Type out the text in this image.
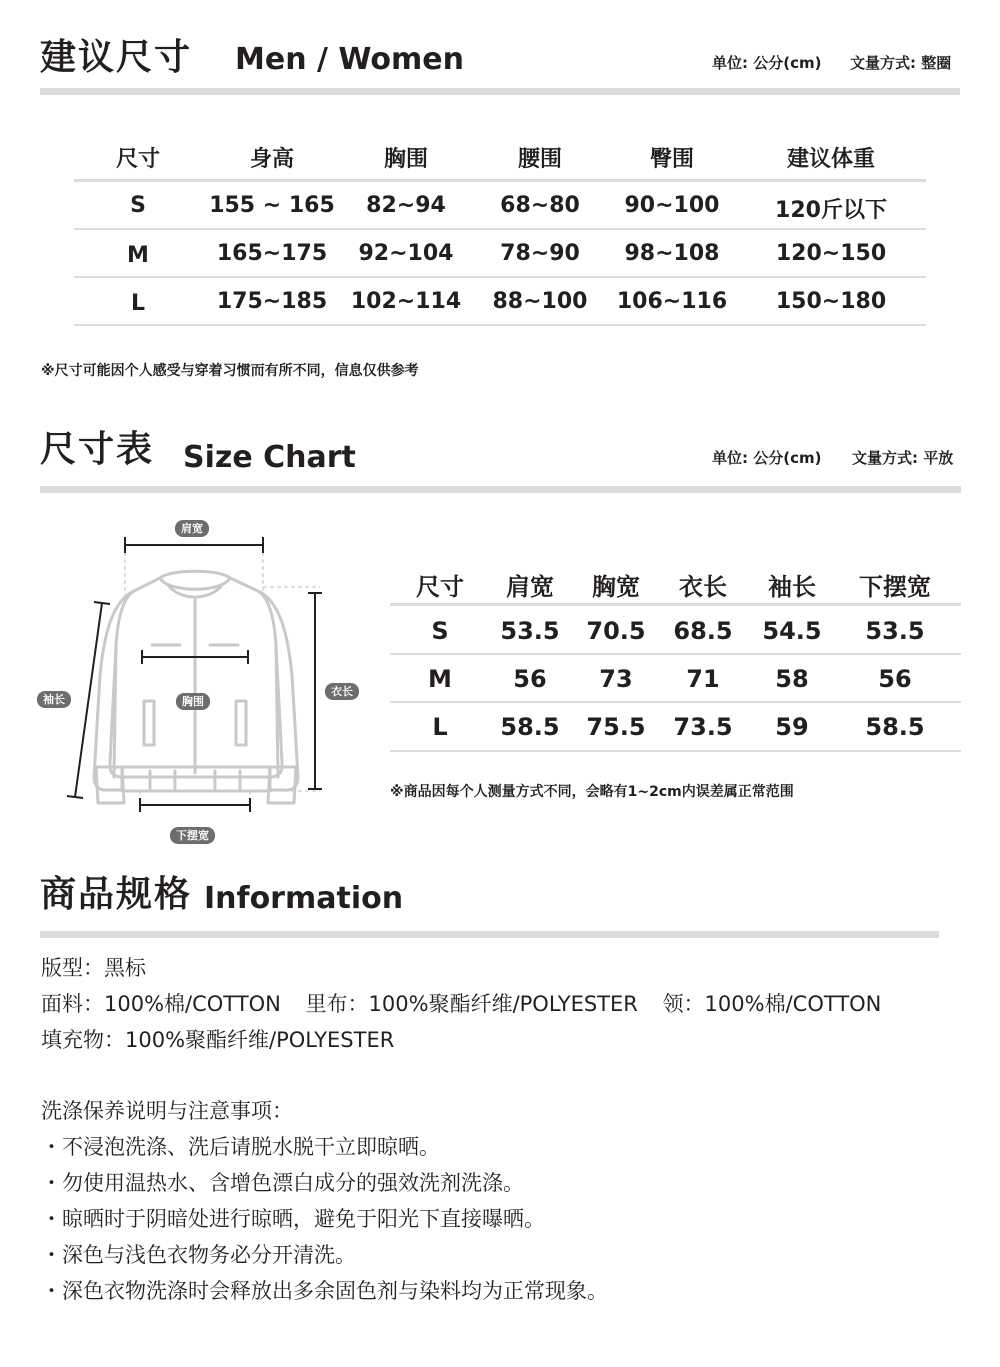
建议尺寸 Men / Women	单位: 公分(cm) 文量方式: 整圈
尺寸	身高	胸围	腰围	臀围	建议体重
S	155 ~ 165	82~94	68~80	90~100	120斤以下
M	165~175	92~104	78~90	98~108	120~150
L	175~185	102~114	88~100	106~116	150~180
※尺寸可能因个人感受与穿着习惯而有所不同，信息仅供参考
尺寸表 Size Chart	单位: 公分(cm) 文量方式: 平放
肩宽
袖长	胸围
衣长
下摆宽
尺寸	肩宽	胸宽	衣长	袖长	下摆宽
S	53.5	70.5	68.5	54.5	53.5
M	56	73	71	58	56
L	58.5	75.5	73.5	59	58.5
※商品因每个人测量方式不同，会略有1~2cm内误差属正常范围
商品规格 Information
版型：黑标
面料：100%棉/COTTON 里布：100%聚酯纤维/POLYESTER 领：100%棉/COTTON
填充物：100%聚酯纤维/POLYESTER
洗涤保养说明与注意事项：
・不浸泡洗涤、洗后请脱水脱干立即晾晒。
・勿使用温热水、含增色漂白成分的强效洗剂洗涤。
・晾晒时于阴暗处进行晾晒，避免于阳光下直接曝晒。
・深色与浅色衣物务必分开清洗。
・深色衣物洗涤时会释放出多余固色剂与染料均为正常现象。
